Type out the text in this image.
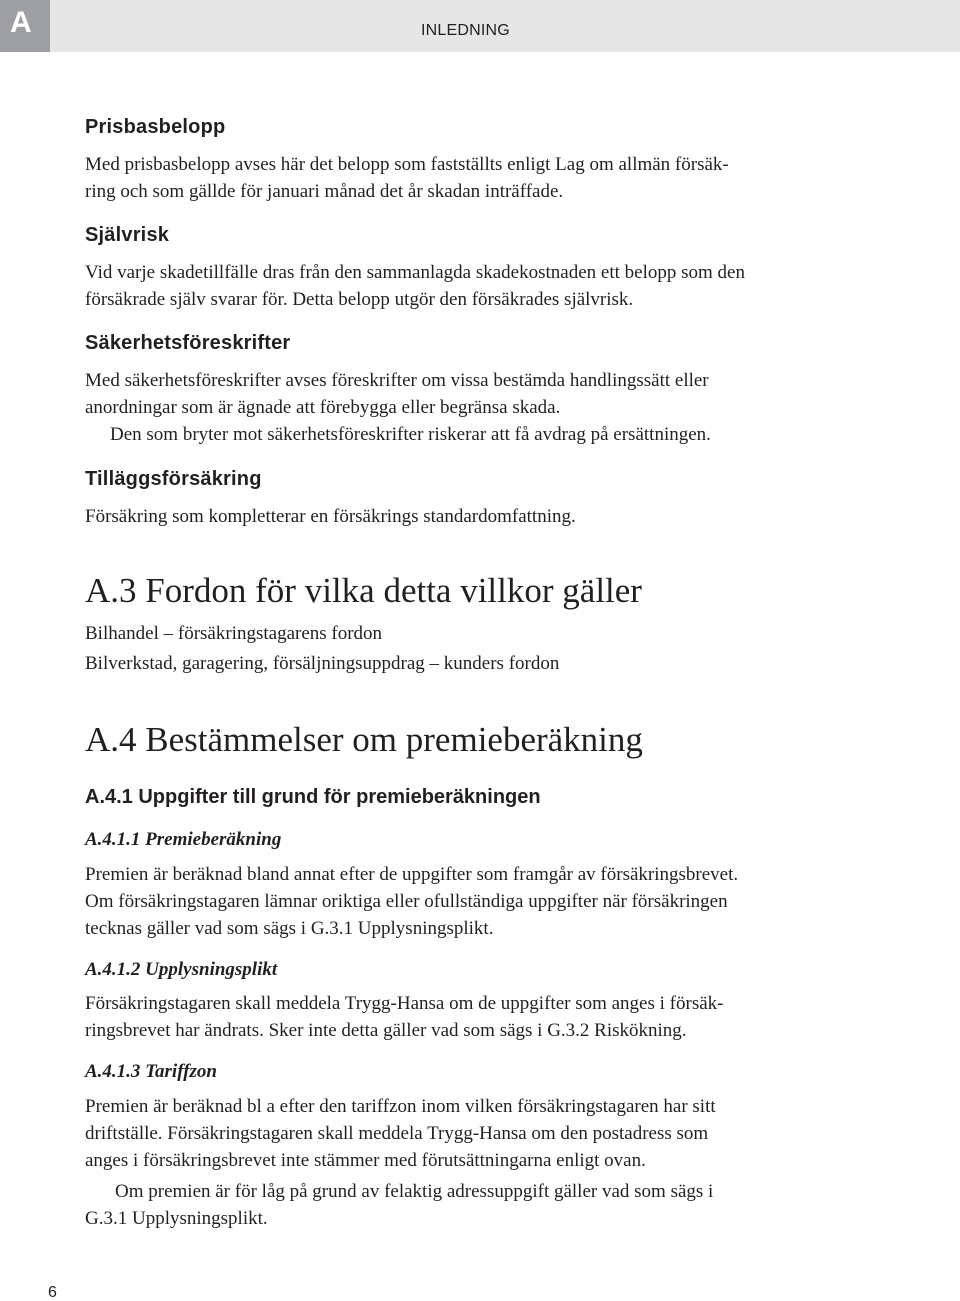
A	INLEDNING
Prisbasbelopp
Med prisbasbelopp avses här det belopp som fastställts enligt Lag om allmän försäk-
ring och som gällde för januari månad det år skadan inträffade.
Självrisk
Vid varje skadetillfälle dras från den sammanlagda skadekostnaden ett belopp som den
försäkrade själv svarar för. Detta belopp utgör den försäkrades självrisk.
Säkerhetsföreskrifter
Med säkerhetsföreskrifter avses föreskrifter om vissa bestämda handlingssätt eller
anordningar som är ägnade att förebygga eller begränsa skada.
Den som bryter mot säkerhetsföreskrifter riskerar att få avdrag på ersättningen.
Tilläggsförsäkring
Försäkring som kompletterar en försäkrings standardomfattning.
A.3 Fordon för vilka detta villkor gäller
Bilhandel – försäkringstagarens fordon
Bilverkstad, garagering, försäljningsuppdrag – kunders fordon
A.4 Bestämmelser om premieberäkning
A.4.1 Uppgifter till grund för premieberäkningen
A.4.1.1 Premieberäkning
Premien är beräknad bland annat efter de uppgifter som framgår av försäkringsbrevet.
Om försäkringstagaren lämnar oriktiga eller ofullständiga uppgifter när försäkringen
tecknas gäller vad som sägs i G.3.1 Upplysningsplikt.
A.4.1.2 Upplysningsplikt
Försäkringstagaren skall meddela Trygg-Hansa om de uppgifter som anges i försäk-
ringsbrevet har ändrats. Sker inte detta gäller vad som sägs i G.3.2 Riskökning.
A.4.1.3 Tariffzon
Premien är beräknad bl a efter den tariffzon inom vilken försäkringstagaren har sitt
driftställe. Försäkringstagaren skall meddela Trygg-Hansa om den postadress som
anges i försäkringsbrevet inte stämmer med förutsättningarna enligt ovan.
Om premien är för låg på grund av felaktig adressuppgift gäller vad som sägs i
G.3.1 Upplysningsplikt.
6
